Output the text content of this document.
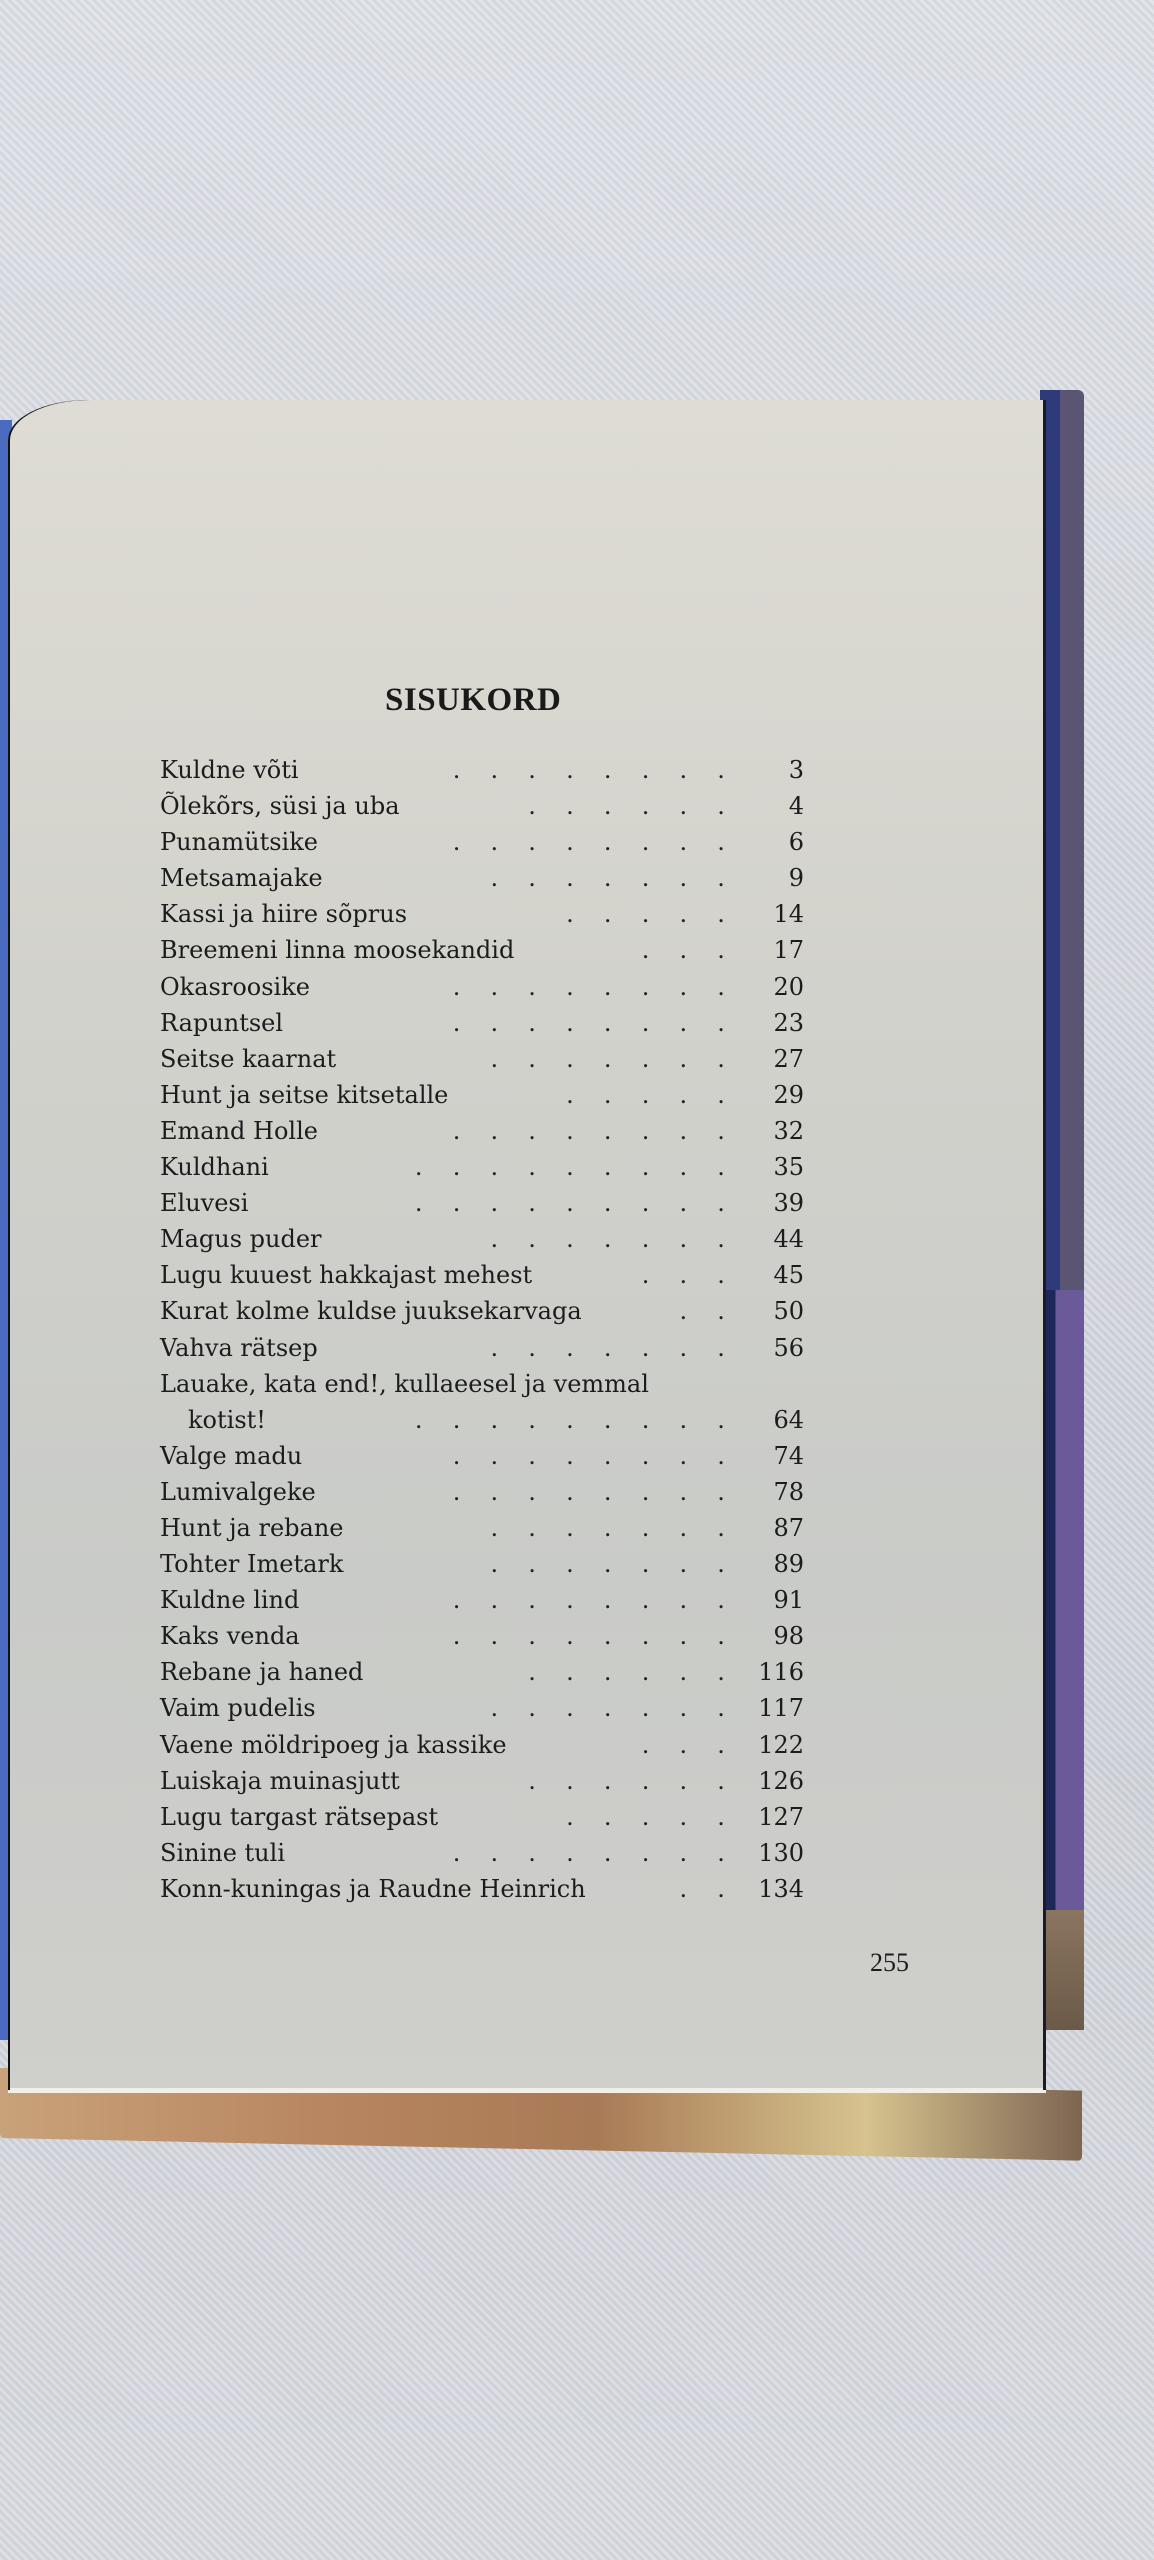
SISUKORD
. . . . . . . .
Kuldne võti	3
. . . . . .
Õlekõrs, süsi ja uba	4
. . . . . . . .
Punamütsike	6
. . . . . . .
Metsamajake	9
. . . . .
Kassi ja hiire sõprus	14
. . .
Breemeni linna moosekandid	17
. . . . . . . .
Okasroosike	20
. . . . . . . .
Rapuntsel	23
. . . . . . .
Seitse kaarnat	27
. . . . .
Hunt ja seitse kitsetalle	29
. . . . . . . .
Emand Holle	32
. . . . . . . . .
Kuldhani	35
. . . . . . . . .
Eluvesi	39
. . . . . . .
Magus puder	44
. . .
Lugu kuuest hakkajast mehest	45
. .
Kurat kolme kuldse juuksekarvaga	50
. . . . . . .
Vahva rätsep	56
Lauake, kata end!, kullaeesel ja vemmal
. . . . . . . . .
kotist!	64
. . . . . . . .
Valge madu	74
. . . . . . . .
Lumivalgeke	78
. . . . . . .
Hunt ja rebane	87
. . . . . . .
Tohter Imetark	89
. . . . . . . .
Kuldne lind	91
. . . . . . . .
Kaks venda	98
. . . . . .
Rebane ja haned	116
. . . . . . .
Vaim pudelis	117
. . .
Vaene möldripoeg ja kassike	122
. . . . . .
Luiskaja muinasjutt	126
. . . . .
Lugu targast rätsepast	127
. . . . . . . .
Sinine tuli	130
. .
Konn-kuningas ja Raudne Heinrich	134
255
